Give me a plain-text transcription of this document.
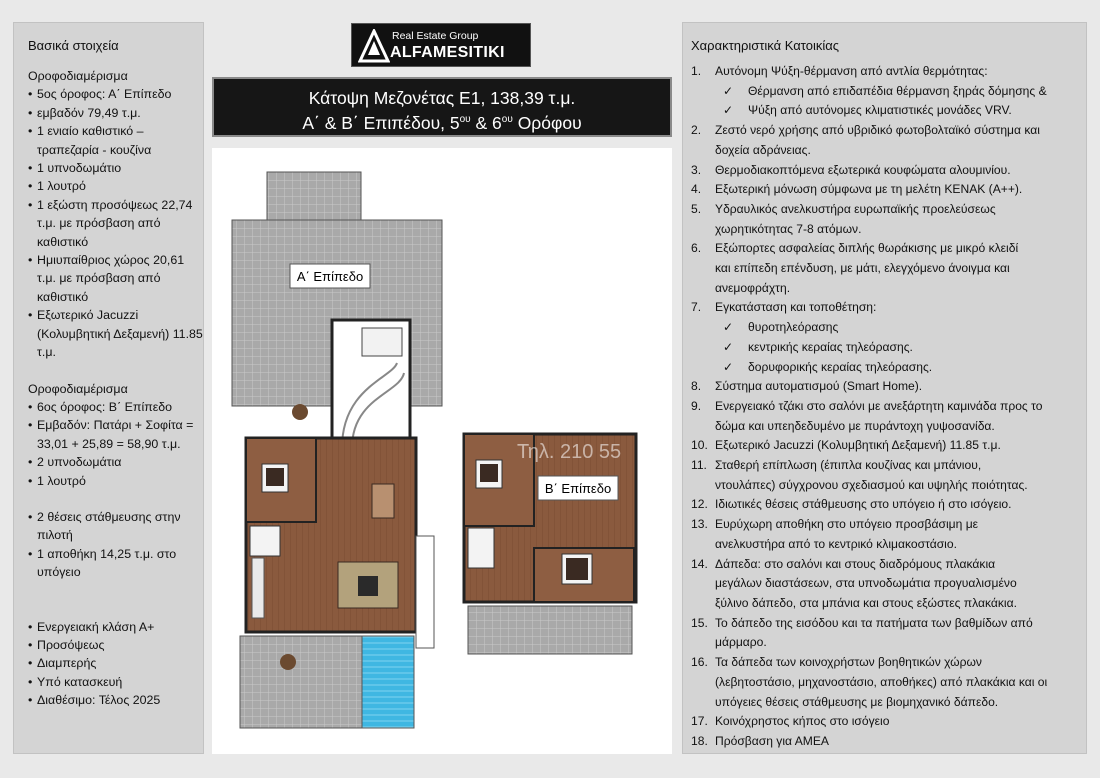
Real Estate Group
ALFAMESITIKI
Κάτοψη Μεζονέτας Ε1, 138,39 τ.μ.
Α΄ & Β΄ Επιπέδου, $5^{o\upsilon}$ & $6^{o\upsilon}$ Ορόφου
Βασικά στοιχεία
Οροφοδιαμέρισμα
• 5ος όροφος: Α΄ Επίπεδο
• εμβαδόν 79,49 τ.μ.
• 1 ενιαίο καθιστικό – τραπεζαρία - κουζίνα
• 1 υπνοδωμάτιο
• 1 λουτρό
• 1 εξώστη προσόψεως 22,74 τ.μ. με πρόσβαση από καθιστικό
• Ημιυπαίθριος χώρος 20,61 τ.μ. με πρόσβαση από καθιστικό
• Εξωτερικό Jacuzzi (Κολυμβητική Δεξαμενή) 11.85 τ.μ.
Οροφοδιαμέρισμα
• 6ος όροφος: Β΄ Επίπεδο
• Εμβαδόν: Πατάρι + Σοφίτα = 33,01 + 25,89 = 58,90 τ.μ.
• 2 υπνοδωμάτια
• 1 λουτρό
• 2 θέσεις στάθμευσης στην πιλοτή
• 1 αποθήκη 14,25 τ.μ. στο υπόγειο
• Ενεργειακή κλάση Α+
• Προσόψεως
• Διαμπερής
• Υπό κατασκευή
• Διαθέσιμο: Τέλος 2025
Α΄ Επίπεδο
Β΄ Επίπεδο
Τηλ. 210 55
Χαρακτηριστικά Κατοικίας
1. Αυτόνομη Ψύξη-θέρμανση από αντλία θερμότητας:
✓ Θέρμανση από επιδαπέδια θέρμανση ξηράς δόμησης &
✓ Ψύξη από αυτόνομες κλιματιστικές μονάδες VRV.
2. Ζεστό νερό χρήσης από υβριδικό φωτοβολταϊκό σύστημα και
δοχεία αδράνειας.
3. Θερμοδιακοπτόμενα εξωτερικά κουφώματα αλουμινίου.
4. Εξωτερική μόνωση σύμφωνα με τη μελέτη ΚΕΝΑΚ (Α++).
5. Υδραυλικός ανελκυστήρα ευρωπαϊκής προελεύσεως
χωρητικότητας 7-8 ατόμων.
6. Εξώπορτες ασφαλείας διπλής θωράκισης με μικρό κλειδί
και επίπεδη επένδυση, με μάτι, ελεγχόμενο άνοιγμα και
ανεμοφράχτη.
7. Εγκατάσταση και τοποθέτηση:
✓ θυροτηλεόρασης
✓ κεντρικής κεραίας τηλεόρασης.
✓ δορυφορικής κεραίας τηλεόρασης.
8. Σύστημα αυτοματισμού (Smart Home).
9. Ενεργειακό τζάκι στο σαλόνι με ανεξάρτητη καμινάδα προς το
δώμα και υπεηδεδυμένο με πυράντοχη γυψοσανίδα.
10. Εξωτερικό Jacuzzi (Κολυμβητική Δεξαμενή) 11.85 τ.μ.
11. Σταθερή επίπλωση (έπιπλα κουζίνας και μπάνιου,
ντουλάπες) σύγχρονου σχεδιασμού και υψηλής ποιότητας.
12. Ιδιωτικές θέσεις στάθμευσης στο υπόγειο ή στο ισόγειο.
13. Ευρύχωρη αποθήκη στο υπόγειο προσβάσιμη με
ανελκυστήρα από το κεντρικό κλιμακοστάσιο.
14. Δάπεδα: στο σαλόνι και στους διαδρόμους πλακάκια
μεγάλων διαστάσεων, στα υπνοδωμάτια προγυαλισμένο
ξύλινο δάπεδο, στα μπάνια και στους εξώστες πλακάκια.
15. Το δάπεδο της εισόδου και τα πατήματα των βαθμίδων από
μάρμαρο.
16. Τα δάπεδα των κοινοχρήστων βοηθητικών χώρων
(λεβητοστάσιο, μηχανοστάσιο, αποθήκες) από πλακάκια και οι
υπόγειες θέσεις στάθμευσης με βιομηχανικό δάπεδο.
17. Κοινόχρηστος κήπος στο ισόγειο
18. Πρόσβαση για ΑΜΕΑ
